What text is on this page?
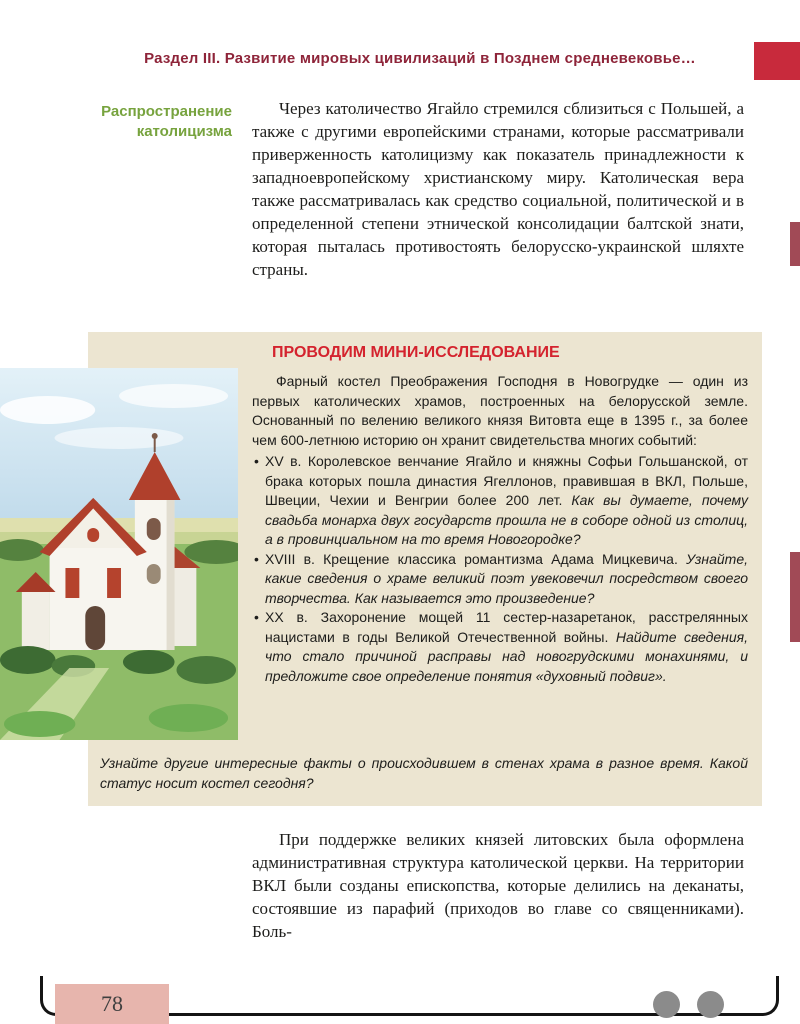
Раздел III. Развитие мировых цивилизаций в Позднем средневековье…
Распространение католицизма

Через католичество Ягайло стремился сблизиться с Польшей, а также с другими европейскими странами, которые рассматривали приверженность католицизму как показатель принадлежности к западноевропейскому христианскому миру. Католическая вера также рассматривалась как средство социальной, политической и в определенной степени этнической консолидации балтской знати, которая пыталась противостоять белорусско-украинской шляхте страны.

ПРОВОДИМ МИНИ-ИССЛЕДОВАНИЕ

Фарный костел Преображения Господня в Новогрудке — один из первых католических храмов, построенных на белорусской земле. Основанный по велению великого князя Витовта еще в 1395 г., за более чем 600-летнюю историю он хранит свидетельства многих событий:

• XV в. Королевское венчание Ягайло и княжны Софьи Гольшанской, от брака которых пошла династия Ягеллонов, правившая в ВКЛ, Польше, Швеции, Чехии и Венгрии более 200 лет. Как вы думаете, почему свадьба монарха двух государств прошла не в соборе одной из столиц, а в провинциальном на то время Новогородке?
• XVIII в. Крещение классика романтизма Адама Мицкевича. Узнайте, какие сведения о храме великий поэт увековечил посредством своего творчества. Как называется это произведение?
• XX в. Захоронение мощей 11 сестер-назаретанок, расстрелянных нацистами в годы Великой Отечественной войны. Найдите сведения, что стало причиной расправы над новогрудскими монахинями, и предложите свое определение понятия «духовный подвиг».

Узнайте другие интересные факты о происходившем в стенах храма в разное время. Какой статус носит костел сегодня?

При поддержке великих князей литовских была оформлена административная структура католической церкви. На территории ВКЛ были созданы епископства, которые делились на деканаты, состоявшие из парафий (приходов во главе со священниками). Боль-

78
